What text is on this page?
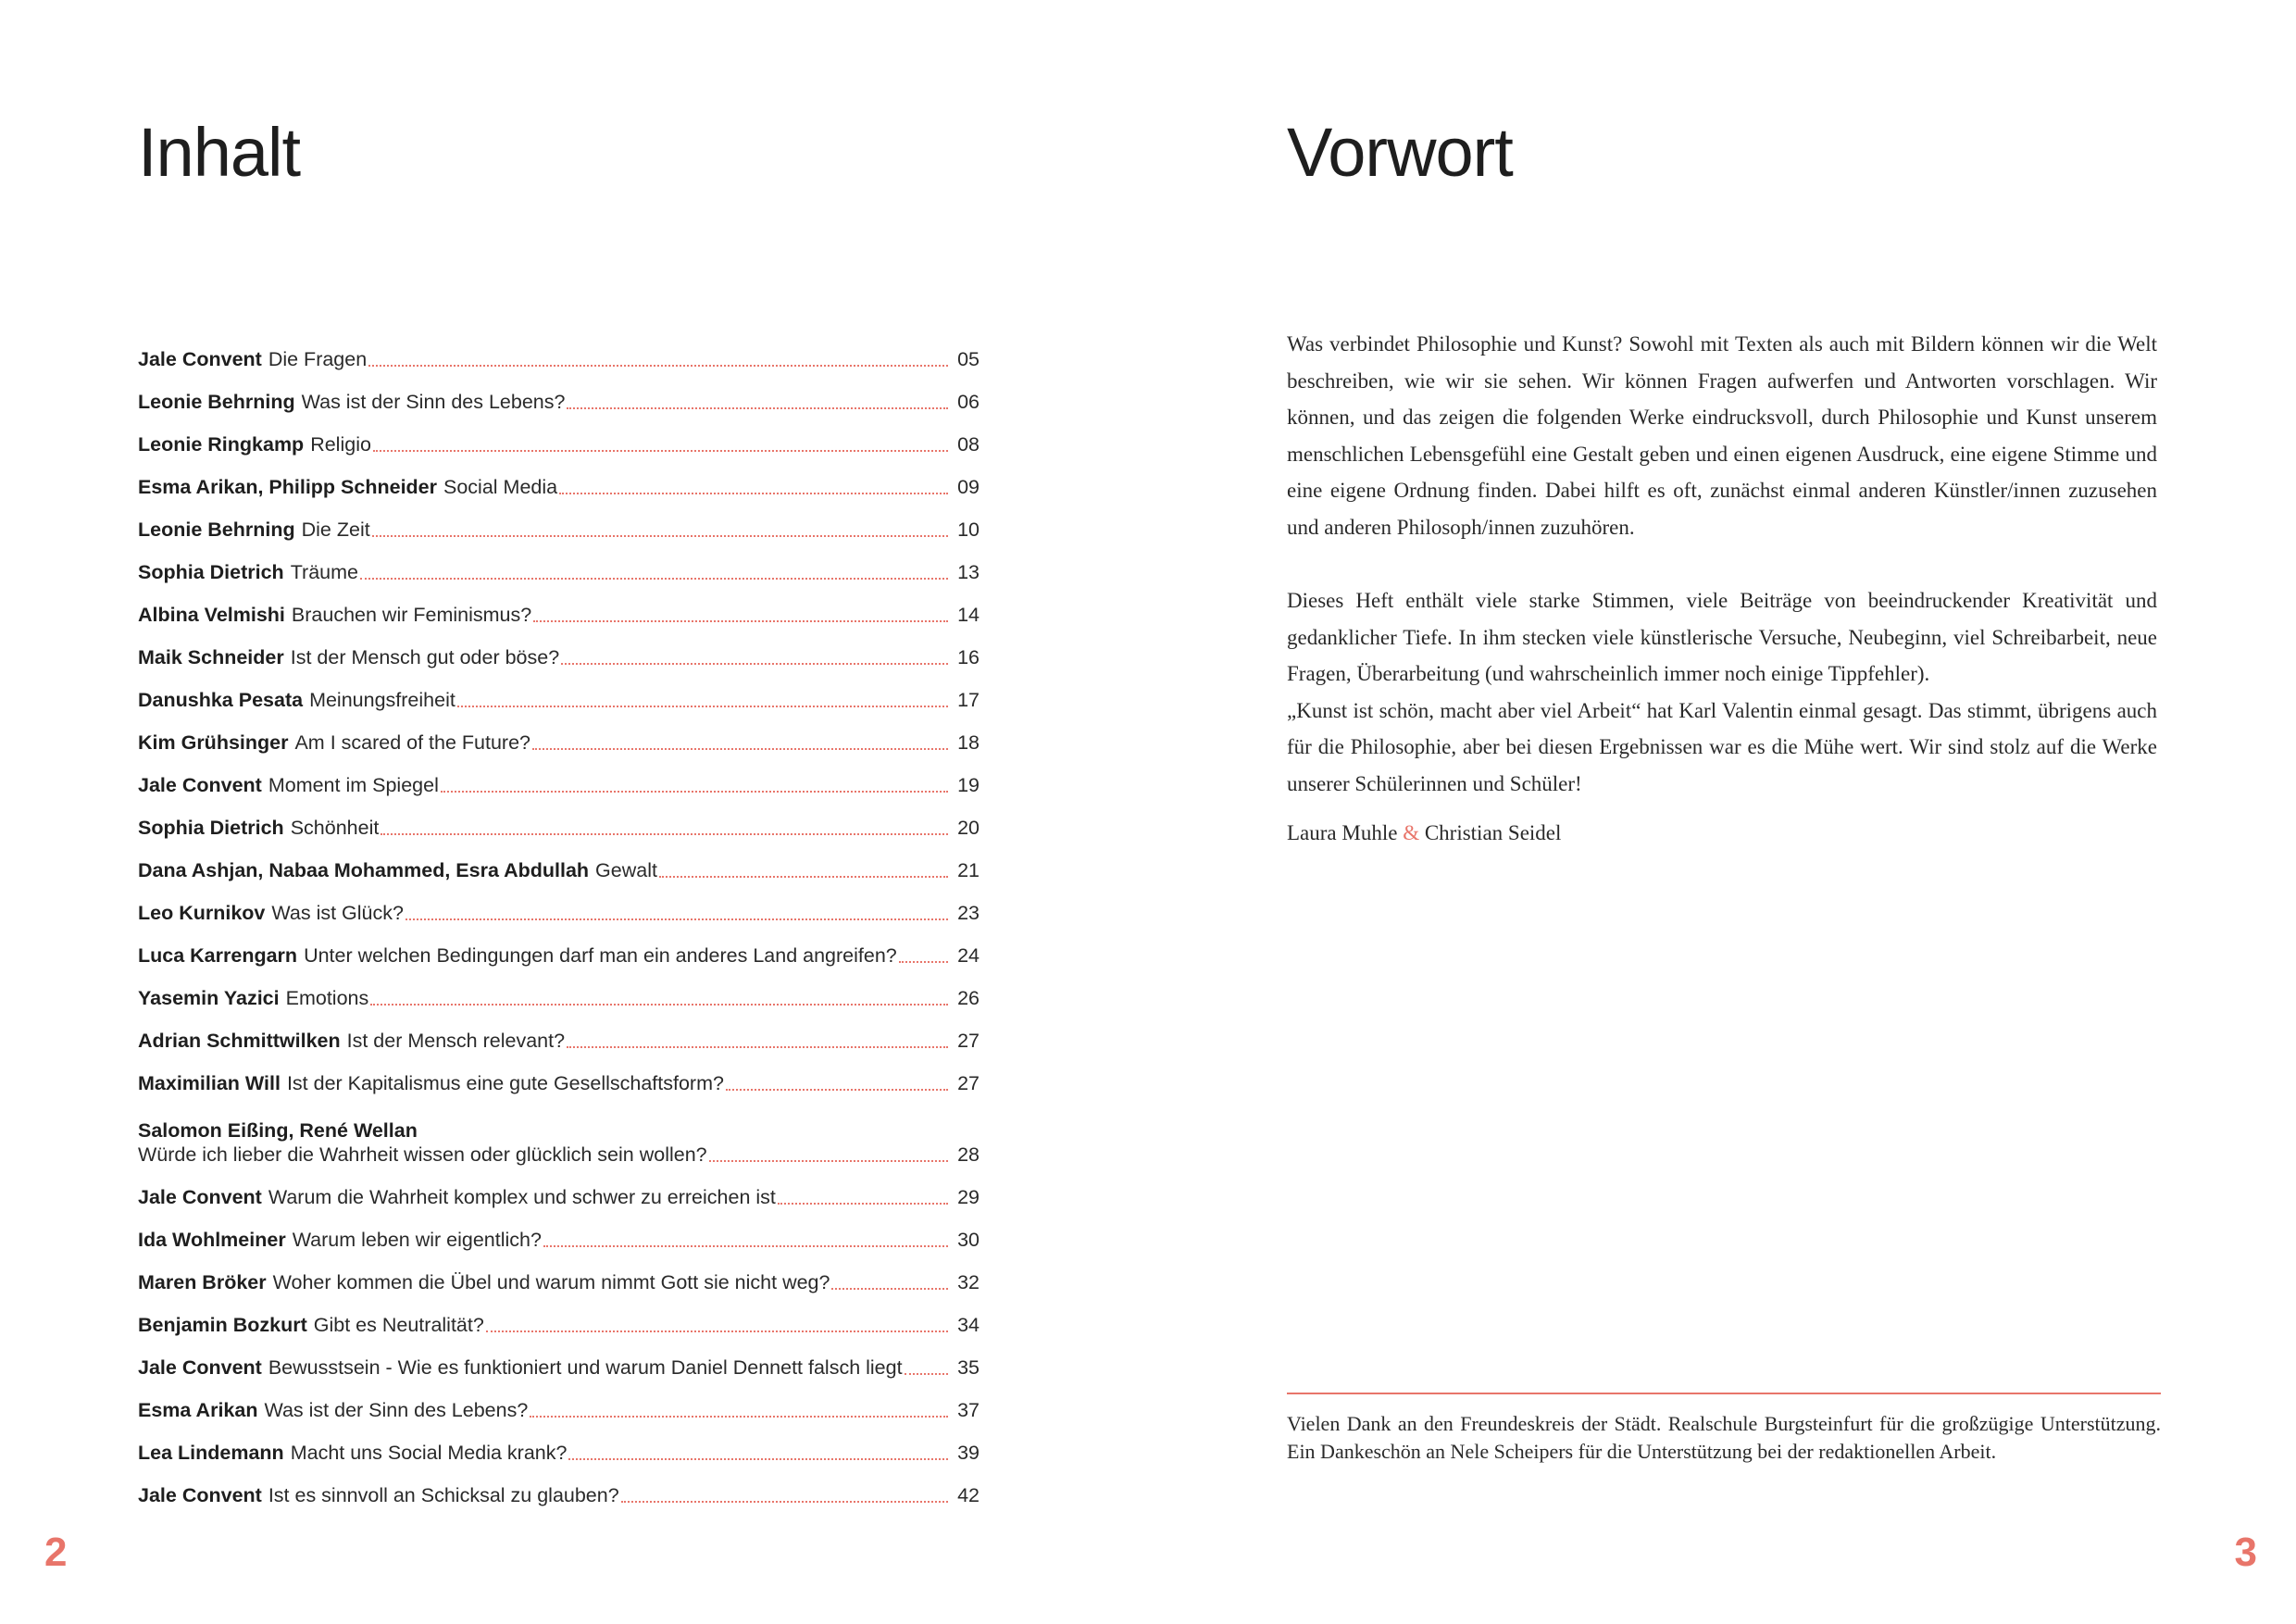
Inhalt
Jale Convent Die Fragen	05
Leonie Behrning Was ist der Sinn des Lebens?	06
Leonie Ringkamp Religio	08
Esma Arikan, Philipp Schneider Social Media	09
Leonie Behrning Die Zeit	10
Sophia Dietrich Träume	13
Albina Velmishi Brauchen wir Feminismus?	14
Maik Schneider Ist der Mensch gut oder böse?	16
Danushka Pesata Meinungsfreiheit	17
Kim Grühsinger Am I scared of the Future?	18
Jale Convent Moment im Spiegel	19
Sophia Dietrich Schönheit	20
Dana Ashjan, Nabaa Mohammed, Esra Abdullah Gewalt	21
Leo Kurnikov Was ist Glück?	23
Luca Karrengarn Unter welchen Bedingungen darf man ein anderes Land angreifen?	24
Yasemin Yazici Emotions	26
Adrian Schmittwilken Ist der Mensch relevant?	27
Maximilian Will Ist der Kapitalismus eine gute Gesellschaftsform?	27
Salomon Eißing, René Wellan
Würde ich lieber die Wahrheit wissen oder glücklich sein wollen?	28
Jale Convent Warum die Wahrheit komplex und schwer zu erreichen ist	29
Ida Wohlmeiner Warum leben wir eigentlich?	30
Maren Bröker Woher kommen die Übel und warum nimmt Gott sie nicht weg?	32
Benjamin Bozkurt Gibt es Neutralität?	34
Jale Convent Bewusstsein - Wie es funktioniert und warum Daniel Dennett falsch liegt	35
Esma Arikan Was ist der Sinn des Lebens?	37
Lea Lindemann Macht uns Social Media krank?	39
Jale Convent Ist es sinnvoll an Schicksal zu glauben?	42
2
Vorwort

Was verbindet Philosophie und Kunst? Sowohl mit Texten als auch mit Bildern können wir die Welt beschreiben, wie wir sie sehen. Wir können Fragen aufwerfen und Antworten vorschlagen. Wir können, und das zeigen die folgenden Werke eindrucksvoll, durch Philosophie und Kunst unserem menschlichen Lebensgefühl eine Gestalt geben und einen eigenen Ausdruck, eine eigene Stimme und eine eigene Ordnung finden. Dabei hilft es oft, zunächst einmal anderen Künstler/innen zuzusehen und anderen Philosoph/innen zuzuhören.

Dieses Heft enthält viele starke Stimmen, viele Beiträge von beeindruckender Kreativität und gedanklicher Tiefe. In ihm stecken viele künstlerische Versuche, Neubeginn, viel Schreibarbeit, neue Fragen, Überarbeitung (und wahrscheinlich immer noch einige Tippfehler).

„Kunst ist schön, macht aber viel Arbeit“ hat Karl Valentin einmal gesagt. Das stimmt, übrigens auch für die Philosophie, aber bei diesen Ergebnissen war es die Mühe wert. Wir sind stolz auf die Werke unserer Schülerinnen und Schüler!

Laura Muhle & Christian Seidel

Vielen Dank an den Freundeskreis der Städt. Realschule Burgsteinfurt für die großzügige Unterstützung. Ein Dankeschön an Nele Scheipers für die Unterstützung bei der redaktionellen Arbeit.

3
